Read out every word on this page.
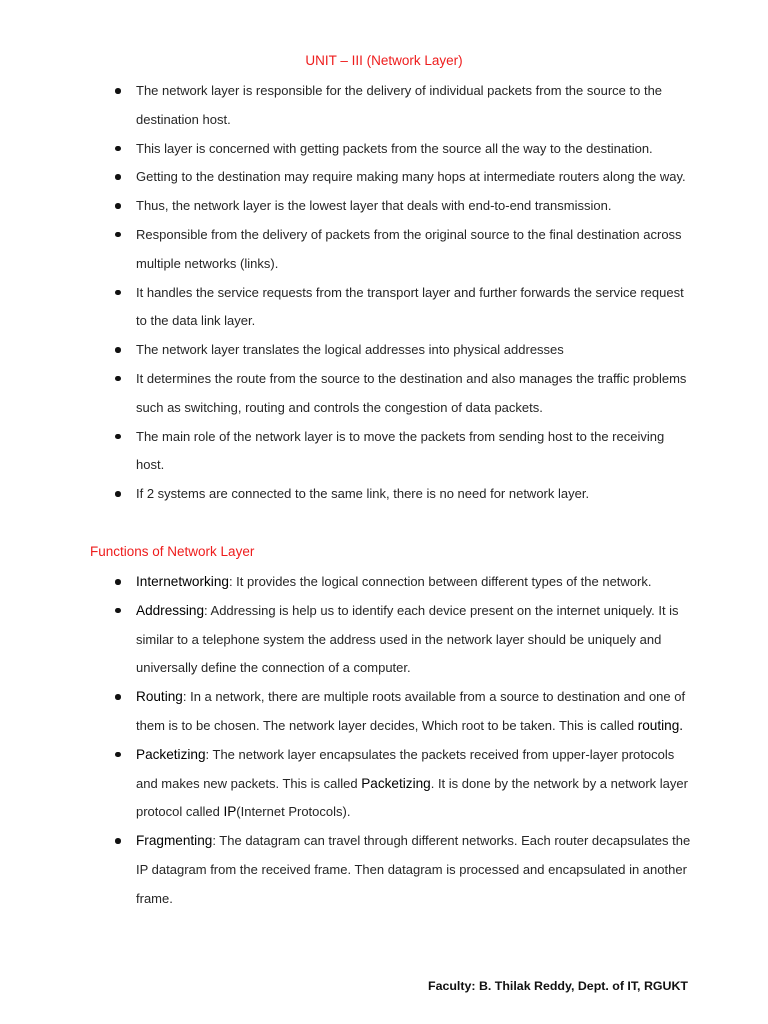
UNIT – III (Network Layer)
The network layer is responsible for the delivery of individual packets from the source to the destination host.
This layer is concerned with getting packets from the source all the way to the destination.
Getting to the destination may require making many hops at intermediate routers along the way.
Thus, the network layer is the lowest layer that deals with end-to-end transmission.
Responsible from the delivery of packets from the original source to the final destination across multiple networks (links).
It handles the service requests from the transport layer and further forwards the service request to the data link layer.
The network layer translates the logical addresses into physical addresses
It determines the route from the source to the destination and also manages the traffic problems such as switching, routing and controls the congestion of data packets.
The main role of the network layer is to move the packets from sending host to the receiving host.
If 2 systems are connected to the same link, there is no need for network layer.
Functions of Network Layer
Internetworking: It provides the logical connection between different types of the network.
Addressing: Addressing is help us to identify each device present on the internet uniquely. It is similar to a telephone system the address used in the network layer should be uniquely and universally define the connection of a computer.
Routing: In a network, there are multiple roots available from a source to destination and one of them is to be chosen. The network layer decides, Which root to be taken. This is called routing.
Packetizing: The network layer encapsulates the packets received from upper-layer protocols and makes new packets. This is called Packetizing. It is done by the network by a network layer protocol called IP(Internet Protocols).
Fragmenting: The datagram can travel through different networks. Each router decapsulates the IP datagram from the received frame. Then datagram is processed and encapsulated in another frame.
Faculty: B. Thilak Reddy, Dept. of IT, RGUKT
